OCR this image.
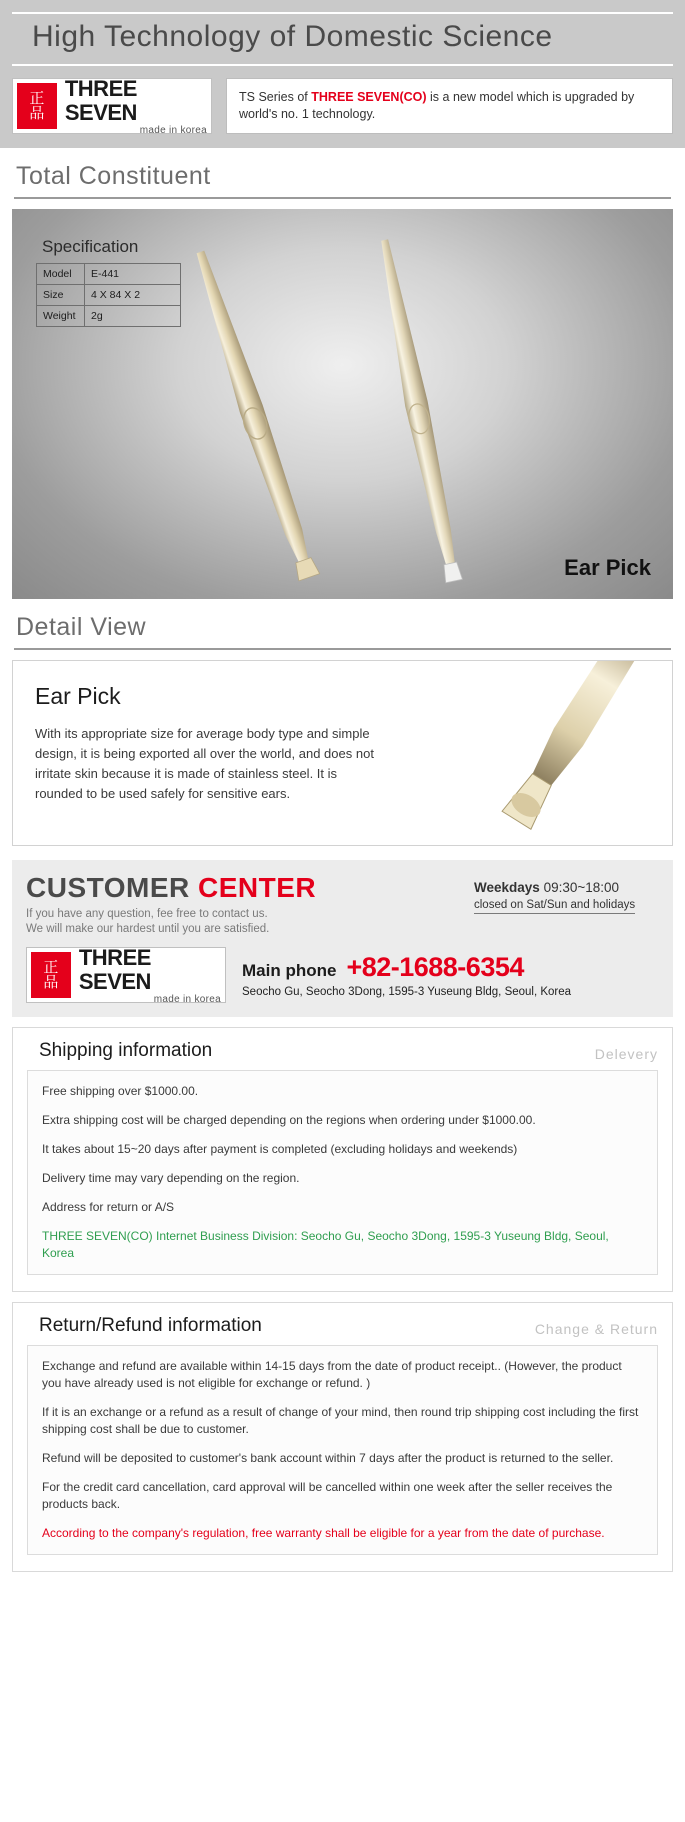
High Technology of Domestic Science
正
品
THREE SEVEN
made in korea
TS Series of THREE SEVEN(CO) is a new model which is upgraded by world's no. 1 technology.
Total Constituent
Specification
Model	E-441
Size	4 X 84 X 2
Weight	2g
Ear Pick
Detail View
Ear Pick

With its appropriate size for average body type and simple design, it is being exported all over the world, and does not irritate skin because it is made of stainless steel. It is rounded to be used safely for sensitive ears.

CUSTOMER CENTER
If you have any question, fee free to contact us.
We will make our hardest until you are satisfied.
Weekdays 09:30~18:00
closed on Sat/Sun and holidays
正
品
THREE SEVEN
made in korea
Main phone +82-1688-6354
Seocho Gu, Seocho 3Dong, 1595-3 Yuseung Bldg, Seoul, Korea
Shipping information	Delevery

Free shipping over $1000.00.

Extra shipping cost will be charged depending on the regions when ordering under $1000.00.

It takes about 15~20 days after payment is completed (excluding holidays and weekends)

Delivery time may vary depending on the region.

Address for return or A/S

THREE SEVEN(CO) Internet Business Division: Seocho Gu, Seocho 3Dong, 1595-3 Yuseung Bldg, Seoul, Korea

Return/Refund information	Change & Return

Exchange and refund are available within 14-15 days from the date of product receipt.. (However, the product you have already used is not eligible for exchange or refund. )

If it is an exchange or a refund as a result of change of your mind, then round trip shipping cost including the first shipping cost shall be due to customer.

Refund will be deposited to customer's bank account within 7 days after the product is returned to the seller.

For the credit card cancellation, card approval will be cancelled within one week after the seller receives the products back.

According to the company's regulation, free warranty shall be eligible for a year from the date of purchase.
